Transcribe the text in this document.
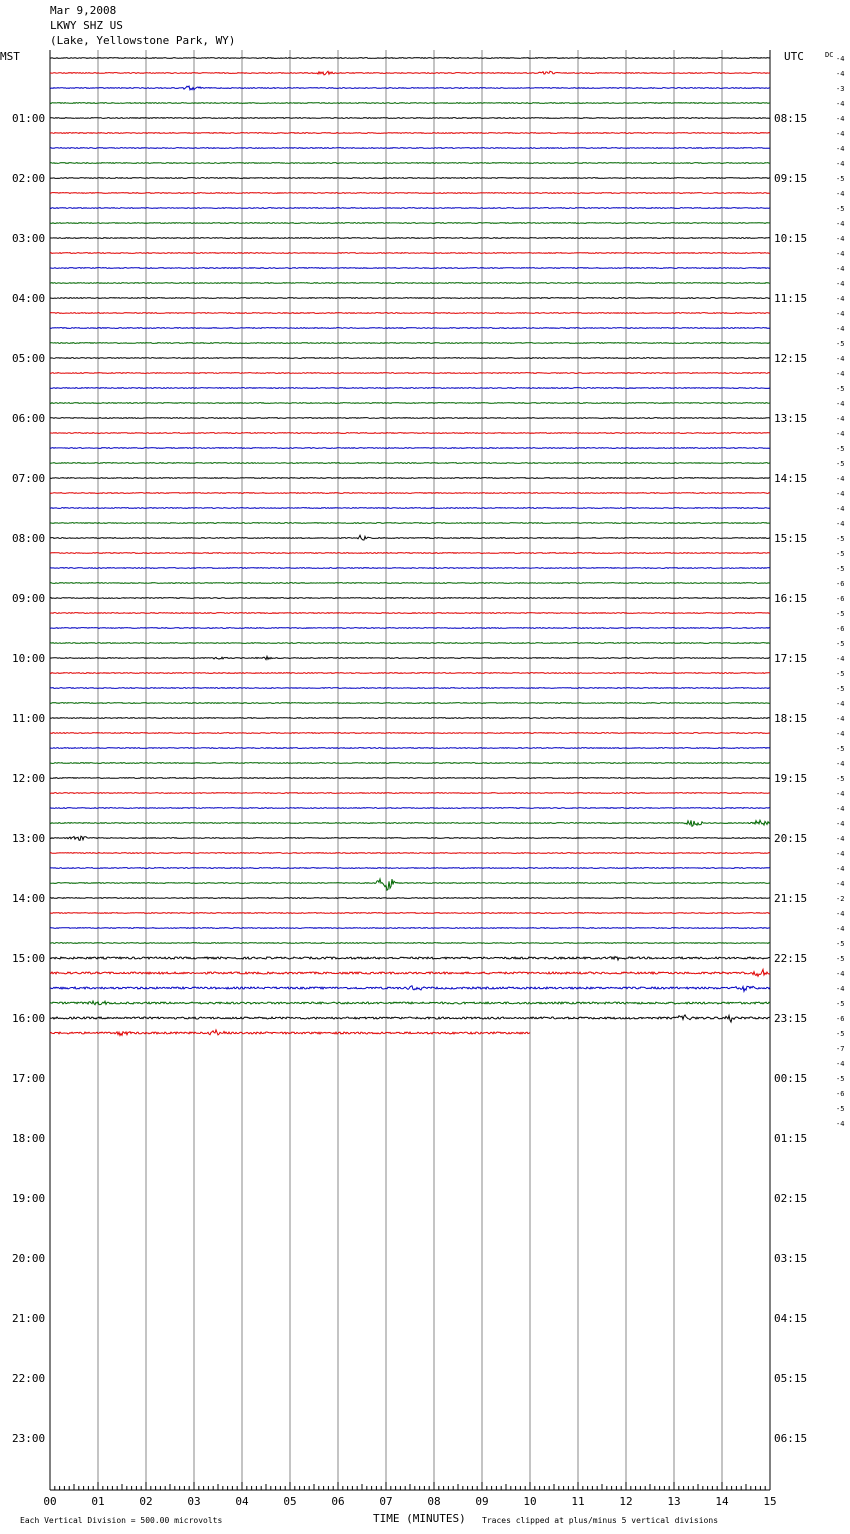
Mar 9,2008
LKWY SHZ US
(Lake, Yellowstone Park, WY)
01:00
02:00
03:00
04:00
05:00
06:00
07:00
08:00
09:00
10:00
11:00
12:00
13:00
14:00
15:00
16:00
17:00
18:00
19:00
20:00
21:00
22:00
23:00
08:15
09:15
10:15
11:15
12:15
13:15
14:15
15:15
16:15
17:15
18:15
19:15
20:15
21:15
22:15
23:15
00:15
01:15
02:15
03:15
04:15
05:15
06:15
-4
-4
-3
-4
-4
-4
-4
-4
-5
-4
-5
-4
-4
-4
-4
-4
-4
-4
-4
-5
-4
-4
-5
-4
-4
-4
-5
-5
-4
-4
-4
-4
-5
-5
-5
-6
-6
-5
-6
-5
-4
-5
-5
-4
-4
-4
-5
-4
-5
-4
-4
-4
-4
-4
-4
-4
-2
-4
-4
-5
-5
-4
-4
-5
-6
-5
-7
-4
-5
-6
-5
-4
00	01	02	03	04	05	06	07	08	09	10	11	12	13	14	15
MST	UTC	DC
TIME (MINUTES)
Each Vertical Division = 500.00 microvolts	Traces clipped at plus/minus 5 vertical divisions
